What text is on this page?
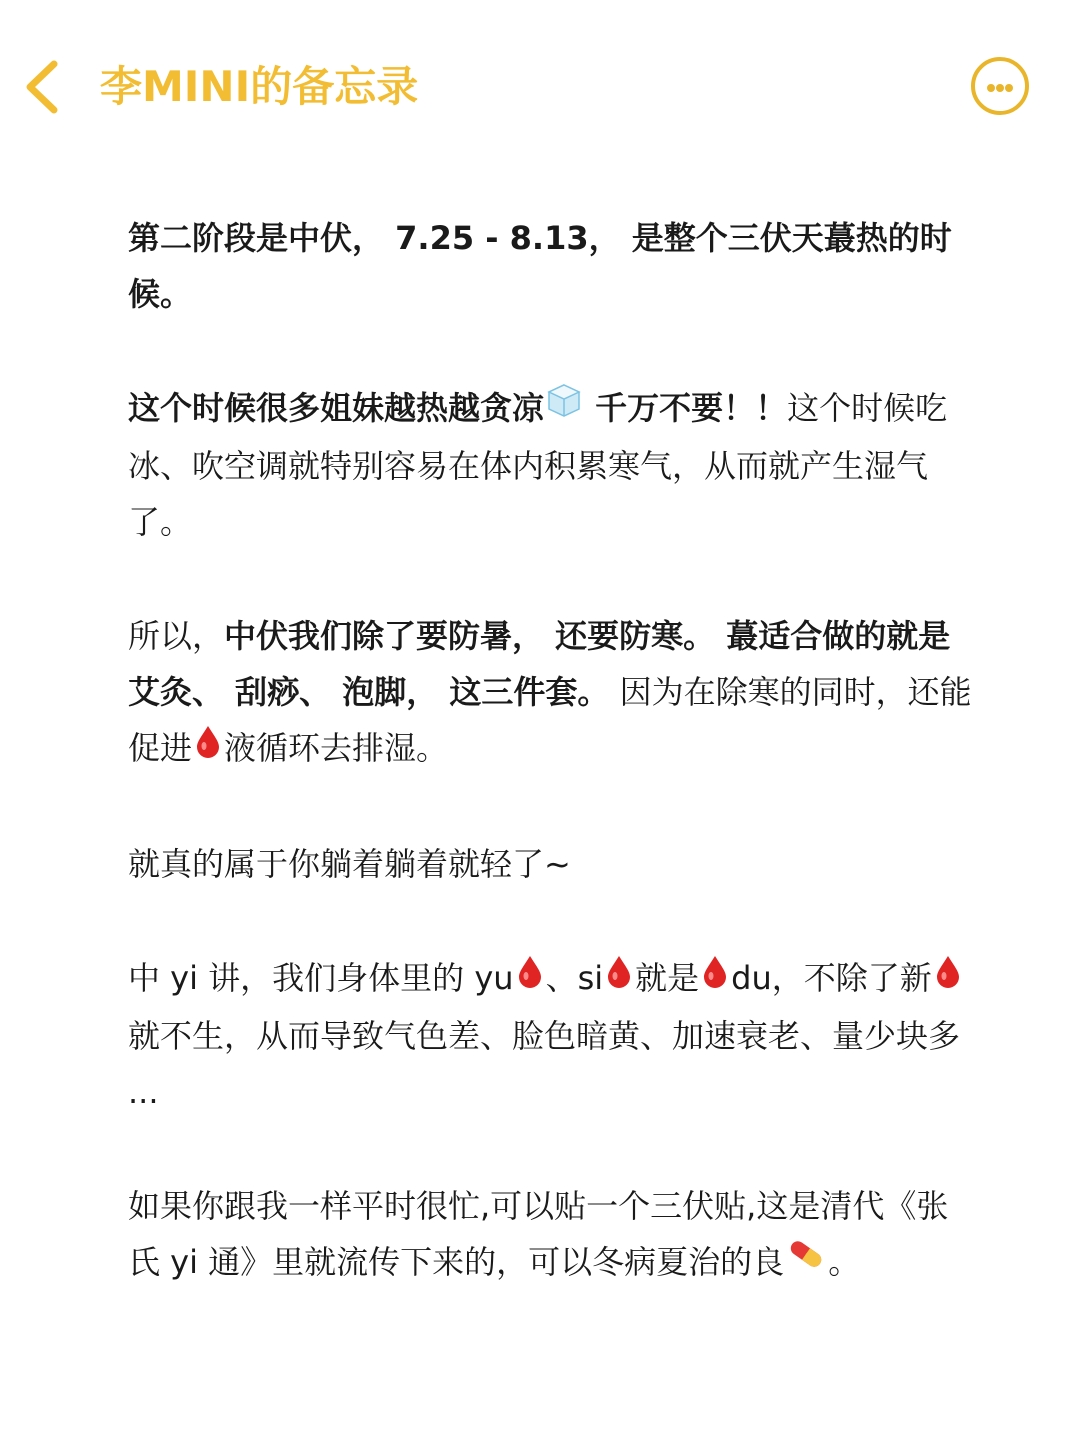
李MINI的备忘录

第二阶段是中伏， 7.25 - 8.13， 是整个三伏天蕞热的时候。

这个时候很多姐妹越热越贪凉 千万不要！！这个时候吃冰、吹空调就特别容易在体内积累寒气，从而就产生湿气了。

所以，中伏我们除了要防暑， 还要防寒。 蕞适合做的就是艾灸、 刮痧、 泡脚， 这三件套。 因为在除寒的同时，还能促进 液循环去排湿。

就真的属于你躺着躺着就轻了~

中 yi 讲，我们身体里的 yu 、si 就是 du，不除了新就不生，从而导致气色差、脸色暗黄、加速衰老、量少块多 ...

如果你跟我一样平时很忙,可以贴一个三伏贴,这是清代《张氏 yi 通》里就流传下来的，可以冬病夏治的良 。
